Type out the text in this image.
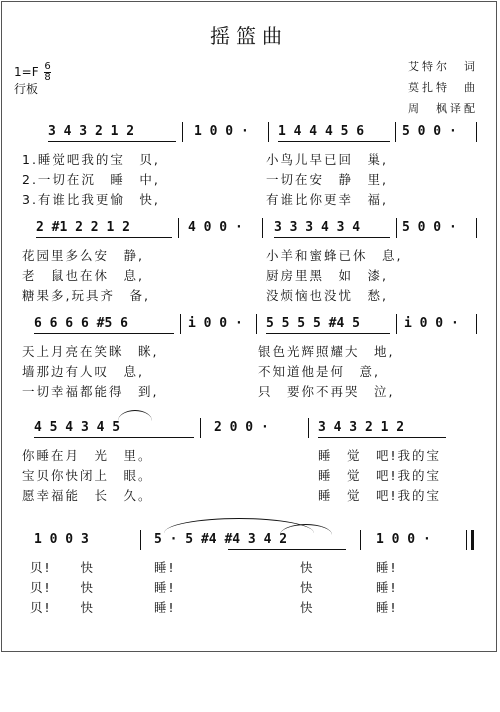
摇篮曲
$1=F \frac{6}{8}$
行板
艾特尔　词
莫扎特　曲
周　枫译配

3 4 3 2 1 2

	1 0 0 ·

1 4 4 4 5 6

	5 0 0 ·

1.睡觉吧我的宝　贝,

	小鸟儿早已回　巢,

2.一切在沉　睡　中,

	一切在安　静　里,

3.有谁比我更愉　快,

	有谁比你更幸　福,

2 #1 2 2 1 2

	4 0 0 ·

3 3 3 4 3 4

	5 0 0 ·

花园里多么安　静,

	小羊和蜜蜂已休　息,

老　鼠也在休　息,

	厨房里黑　如　漆,

糖果多,玩具齐　备,

	没烦恼也没忧　愁,

6 6 6 6 #5 6

	i 0 0 ·

5 5 5 5 #4 5

	i 0 0 ·

天上月亮在笑眯　眯,

	银色光辉照耀大　地,

墙那边有人叹　息,

	不知道他是何　意,

一切幸福都能得　到,

	只　要你不再哭　泣,

4 5 4 3 4 5

	2 0 0 ·

	3 4 3 2 1 2

你睡在月　光　里。

	睡　觉　吧!我的宝

宝贝你快闭上　眼。

	睡　觉　吧!我的宝

愿幸福能　长　久。

	睡　觉　吧!我的宝

1 0 0 3

	5 · 5 #4 #4 3 4 2

	1 0 0 ·

贝!　　快

	睡!

	快

	睡!

贝!　　快

	睡!

	快

	睡!

贝!　　快

	睡!

	快

	睡!
